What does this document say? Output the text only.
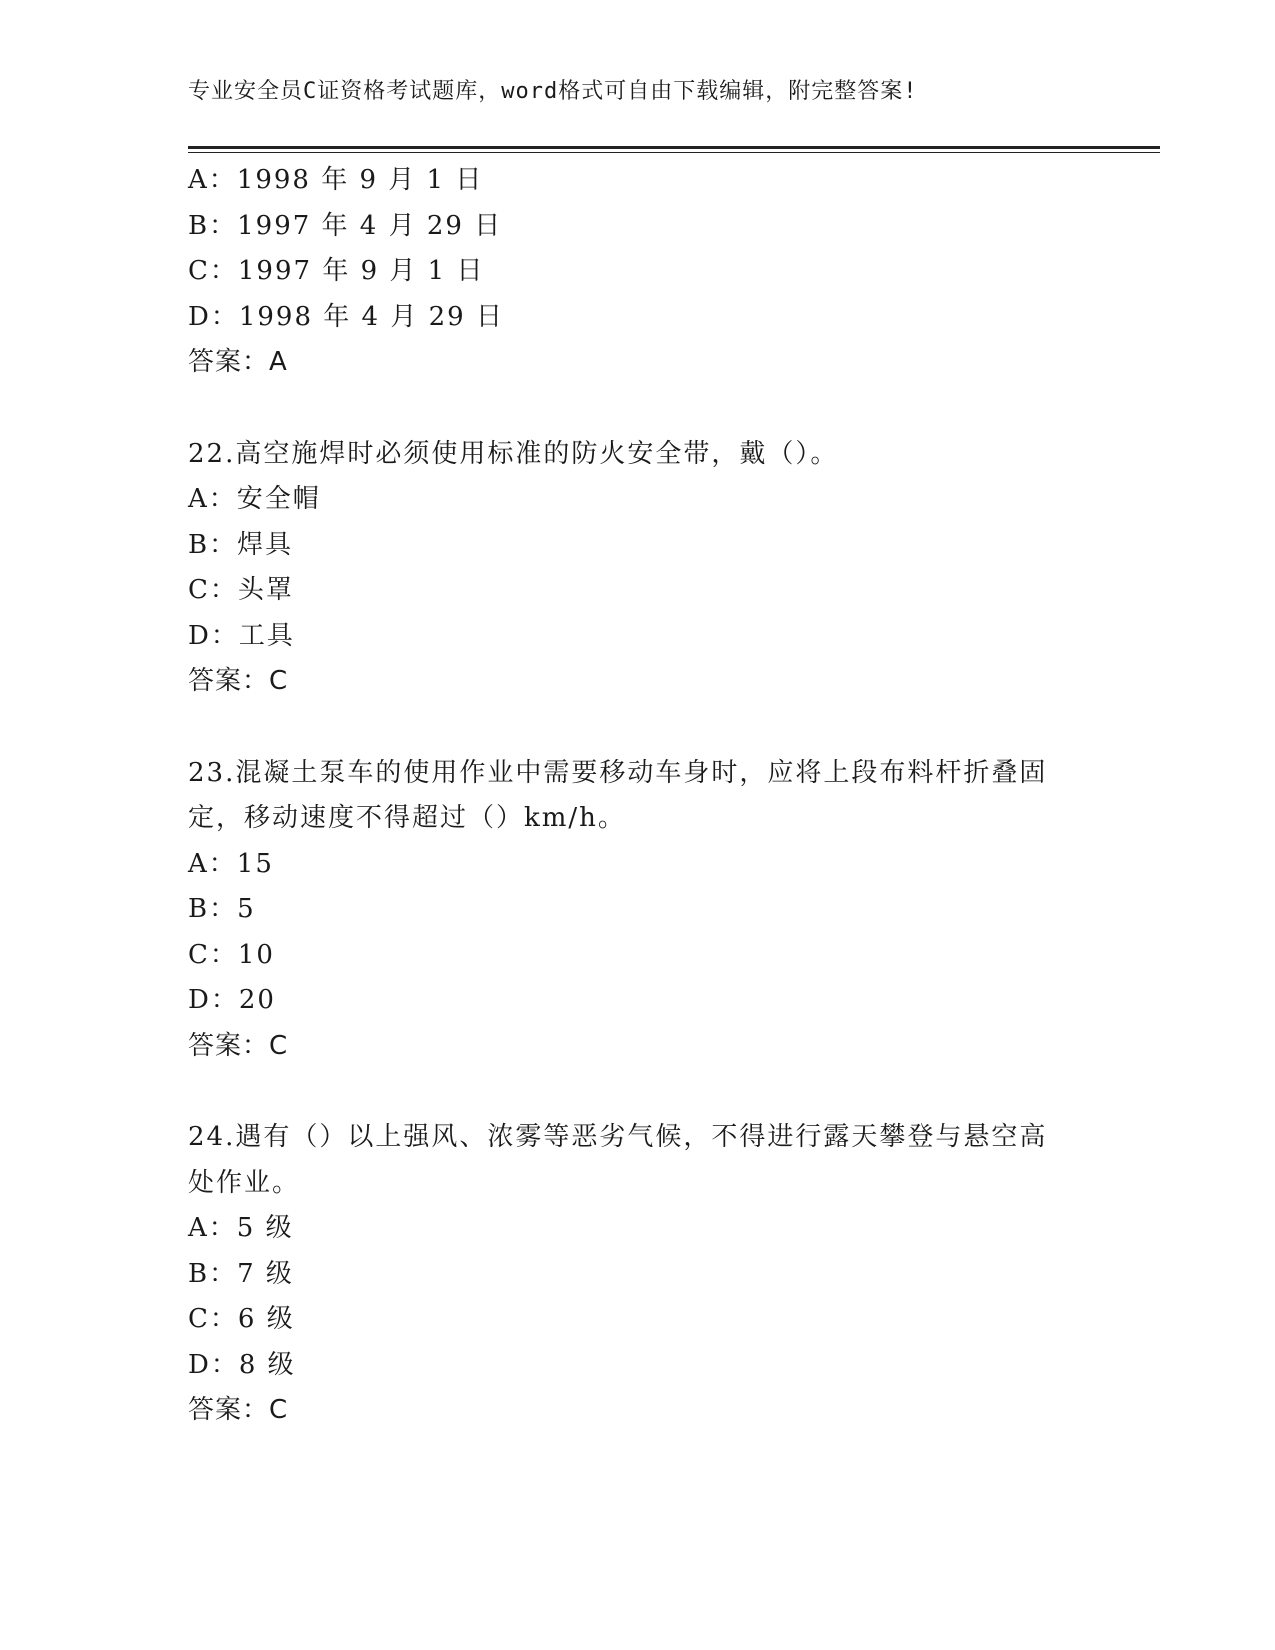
专业安全员C证资格考试题库，word格式可自由下载编辑，附完整答案!
A：1998 年 9 月 1 日
B：1997 年 4 月 29 日
C：1997 年 9 月 1 日
D：1998 年 4 月 29 日
答案：A
22.高空施焊时必须使用标准的防火安全带，戴（）。
A：安全帽
B：焊具
C：头罩
D：工具
答案：C
23.混凝土泵车的使用作业中需要移动车身时，应将上段布料杆折叠固
定，移动速度不得超过（）km/h。
A：15
B：5
C：10
D：20
答案：C
24.遇有（）以上强风、浓雾等恶劣气候，不得进行露天攀登与悬空高
处作业。
A：5 级
B：7 级
C：6 级
D：8 级
答案：C
